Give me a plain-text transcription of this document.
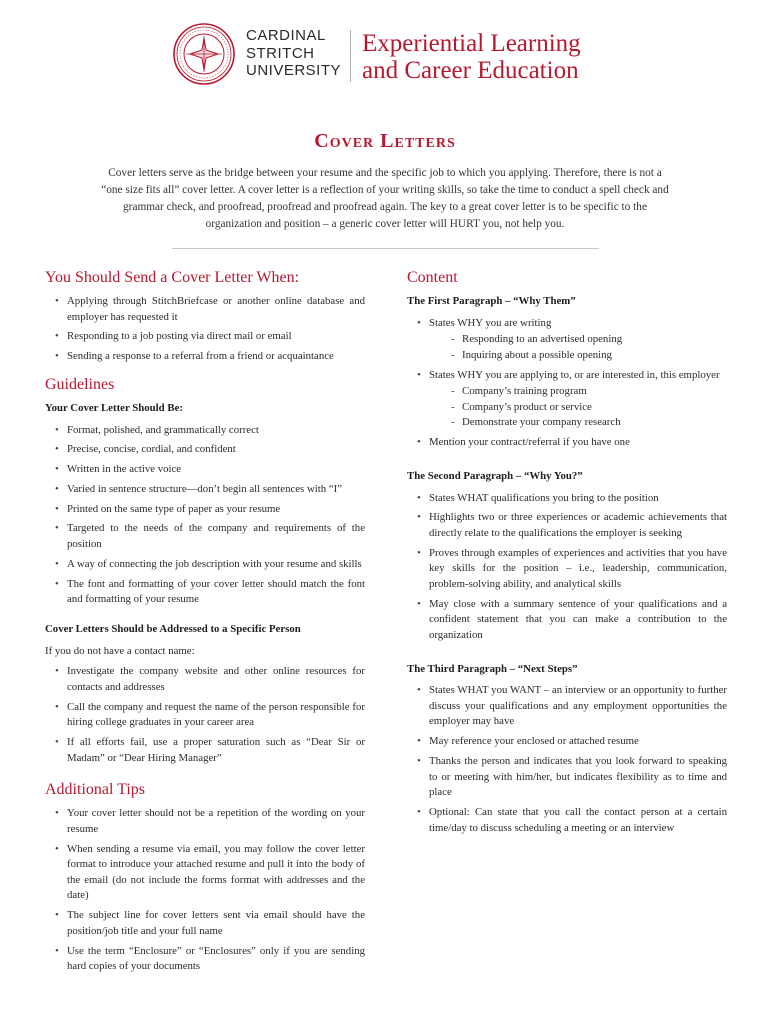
CARDINAL
STRITCH
UNIVERSITY
Experiential Learning
and Career Education
Cover Letters
Cover letters serve as the bridge between your resume and the specific job to which you applying. Therefore, there is not a “one size fits all” cover letter. A cover letter is a reflection of your writing skills, so take the time to conduct a spell check and grammar check, and proofread, proofread and proofread again. The key to a great cover letter is to be specific to the organization and position – a generic cover letter will HURT you, not help you.
You Should Send a Cover Letter When:
• Applying through StitchBriefcase or another online database and employer has requested it
• Responding to a job posting via direct mail or email
• Sending a response to a referral from a friend or acquaintance
Guidelines
Your Cover Letter Should Be:
• Format, polished, and grammatically correct
• Precise, concise, cordial, and confident
• Written in the active voice
• Varied in sentence structure—don’t begin all sentences with “I”
• Printed on the same type of paper as your resume
• Targeted to the needs of the company and requirements of the position
• A way of connecting the job description with your resume and skills
• The font and formatting of your cover letter should match the font and formatting of your resume
Cover Letters Should be Addressed to a Specific Person

If you do not have a contact name:

• Investigate the company website and other online resources for contacts and addresses
• Call the company and request the name of the person responsible for hiring college graduates in your career area
• If all efforts fail, use a proper saturation such as “Dear Sir or Madam” or “Dear Hiring Manager”
Additional Tips
• Your cover letter should not be a repetition of the wording on your resume
• When sending a resume via email, you may follow the cover letter format to introduce your attached resume and pull it into the body of the email (do not include the forms format with addresses and the date)
• The subject line for cover letters sent via email should have the position/job title and your full name
• Use the term “Enclosure” or “Enclosures” only if you are sending hard copies of your documents
Content
The First Paragraph – “Why Them”
• States WHY you are writing
- Responding to an advertised opening
- Inquiring about a possible opening
• States WHY you are applying to, or are interested in, this employer
- Company’s training program
- Company’s product or service
- Demonstrate your company research
• Mention your contract/referral if you have one
The Second Paragraph – “Why You?”
• States WHAT qualifications you bring to the position
• Highlights two or three experiences or academic achievements that directly relate to the qualifications the employer is seeking
• Proves through examples of experiences and activities that you have key skills for the position – i.e., leadership, communication, problem-solving ability, and analytical skills
• May close with a summary sentence of your qualifications and a confident statement that you can make a contribution to the organization
The Third Paragraph – “Next Steps”
• States WHAT you WANT – an interview or an opportunity to further discuss your qualifications and any employment opportunities the employer may have
• May reference your enclosed or attached resume
• Thanks the person and indicates that you look forward to speaking to or meeting with him/her, but indicates flexibility as to time and place
• Optional: Can state that you call the contact person at a certain time/day to discuss scheduling a meeting or an interview
